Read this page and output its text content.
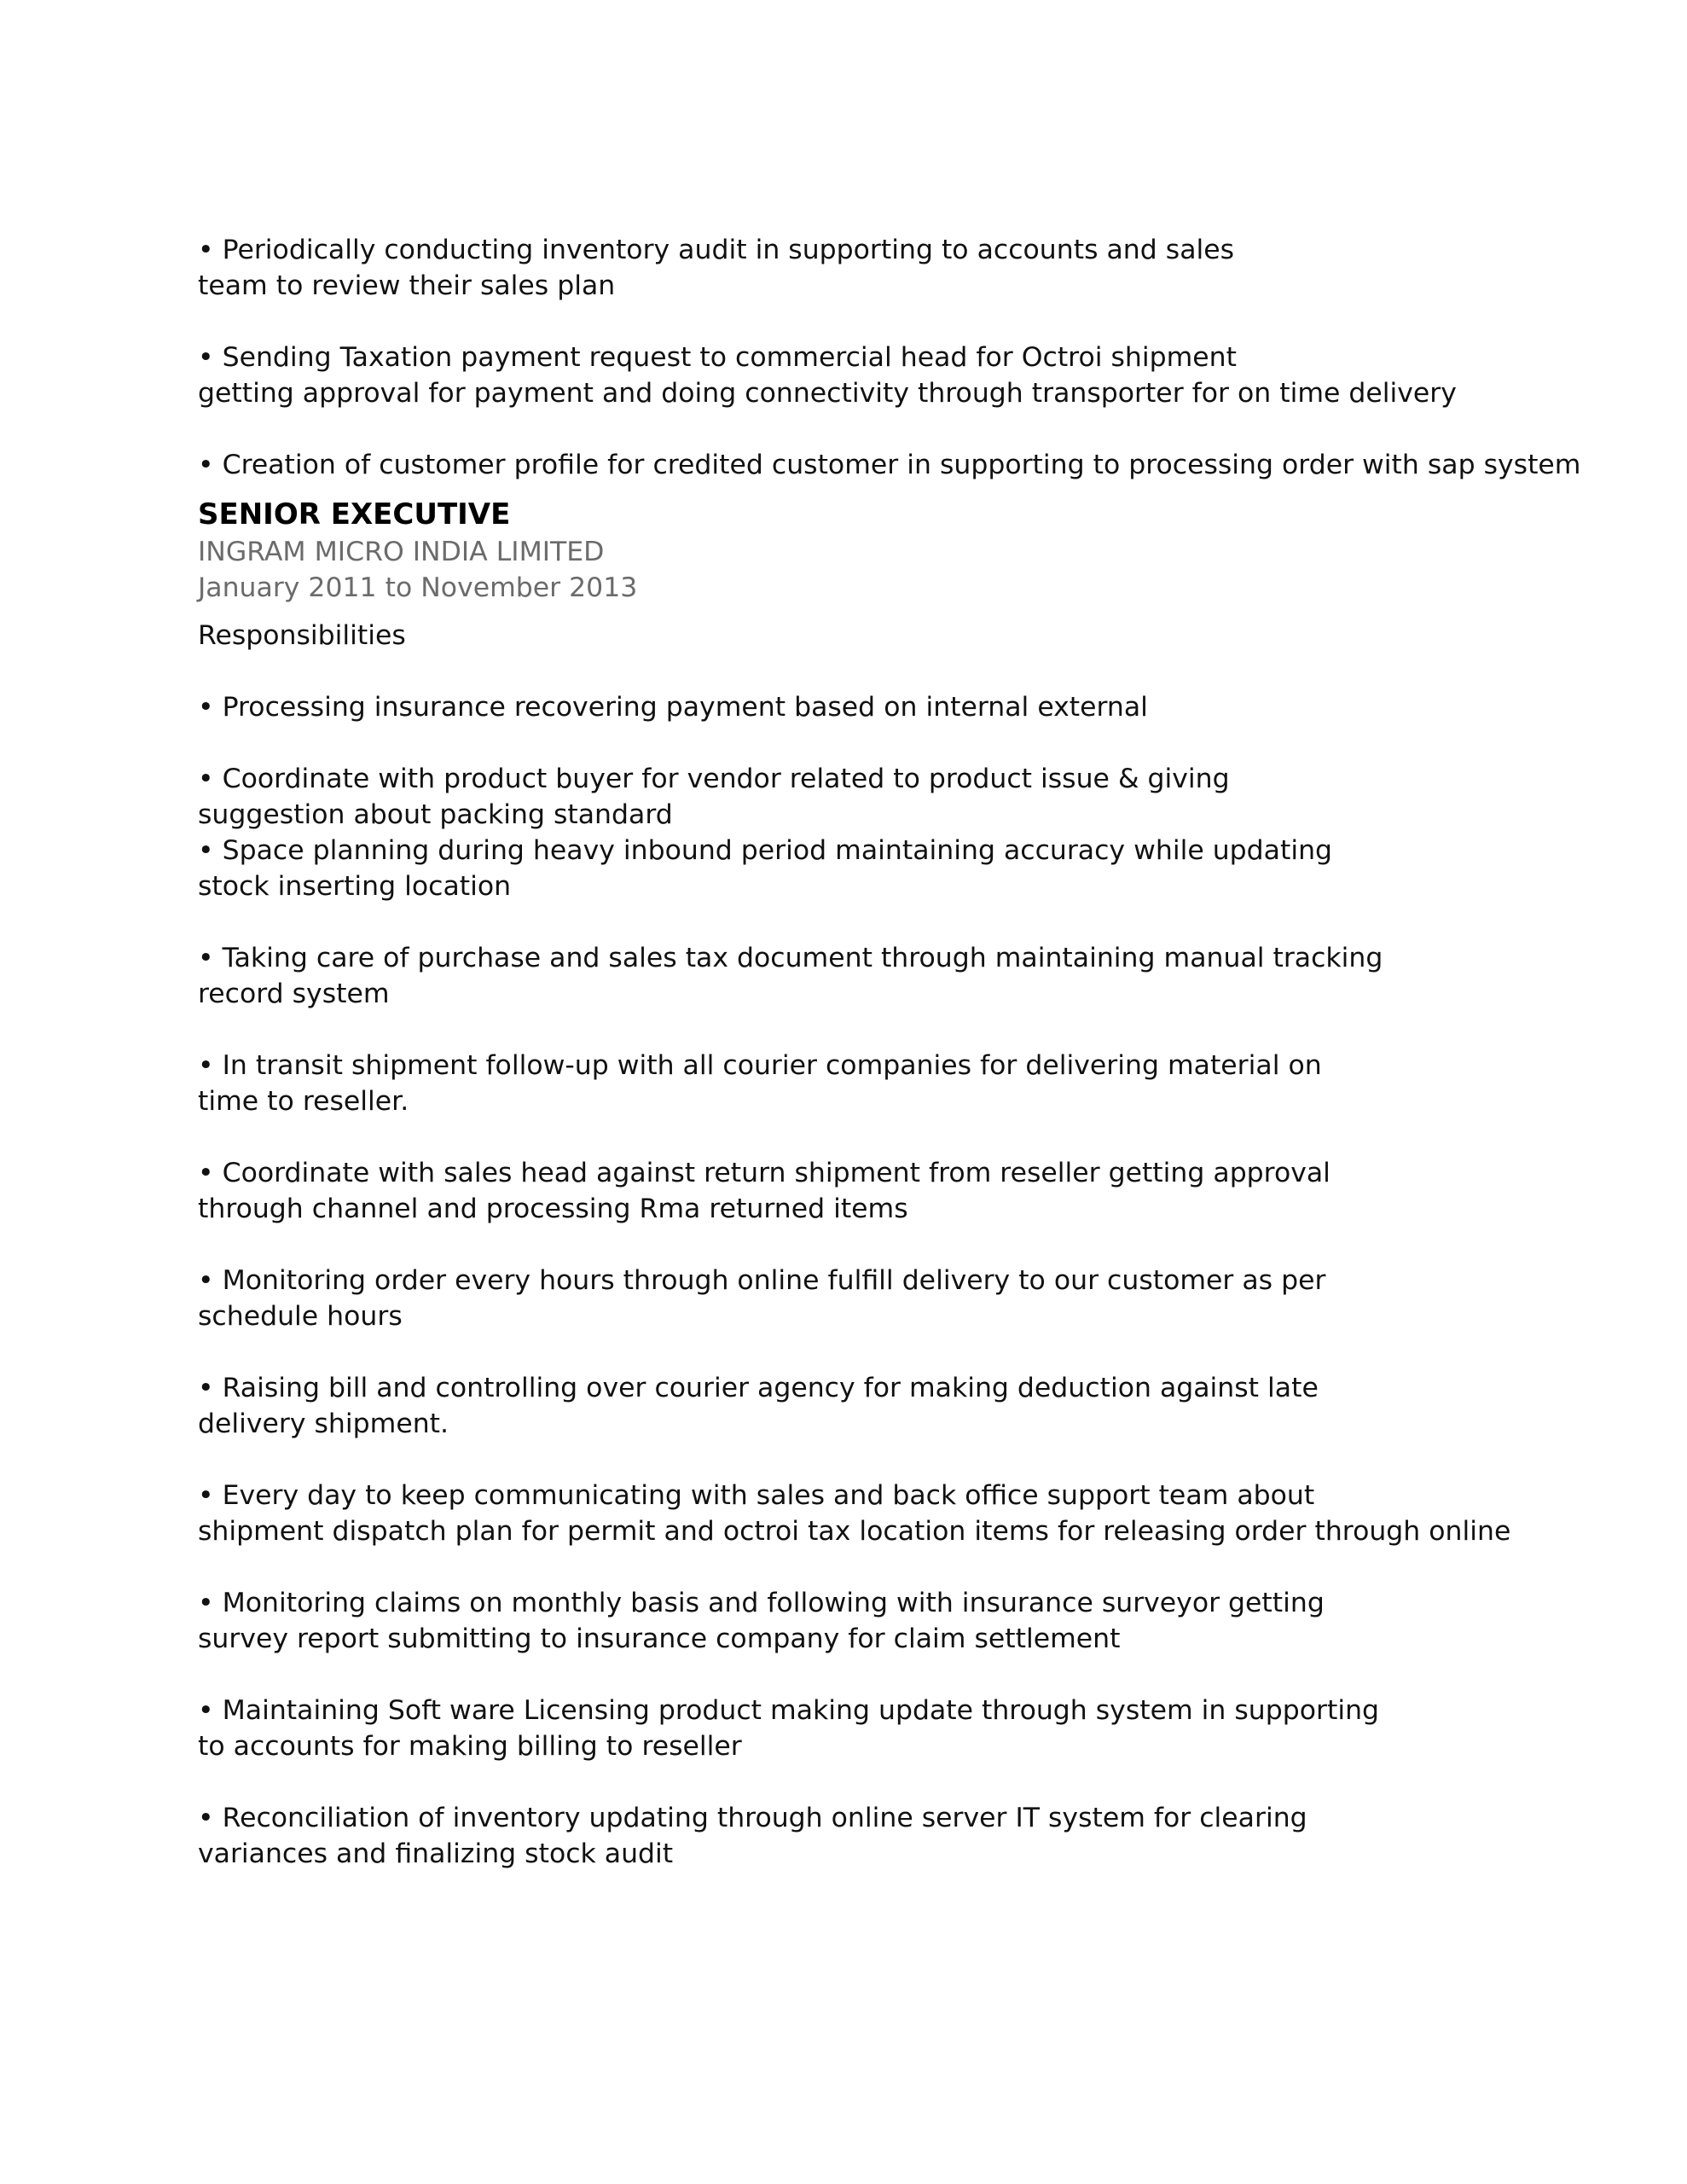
• Periodically conducting inventory audit in supporting to accounts and sales

team to review their sales plan

• Sending Taxation payment request to commercial head for Octroi shipment

getting approval for payment and doing connectivity through transporter for on time delivery

• Creation of customer profile for credited customer in supporting to processing order with sap system

SENIOR EXECUTIVE

INGRAM MICRO INDIA LIMITED

January 2011 to November 2013

Responsibilities

• Processing insurance recovering payment based on internal external

• Coordinate with product buyer for vendor related to product issue & giving

suggestion about packing standard

• Space planning during heavy inbound period maintaining accuracy while updating

stock inserting location

• Taking care of purchase and sales tax document through maintaining manual tracking

record system

• In transit shipment follow-up with all courier companies for delivering material on

time to reseller.

• Coordinate with sales head against return shipment from reseller getting approval

through channel and processing Rma returned items

• Monitoring order every hours through online fulfill delivery to our customer as per

schedule hours

• Raising bill and controlling over courier agency for making deduction against late

delivery shipment.

• Every day to keep communicating with sales and back office support team about

shipment dispatch plan for permit and octroi tax location items for releasing order through online

• Monitoring claims on monthly basis and following with insurance surveyor getting

survey report submitting to insurance company for claim settlement

• Maintaining Soft ware Licensing product making update through system in supporting

to accounts for making billing to reseller

• Reconciliation of inventory updating through online server IT system for clearing

variances and finalizing stock audit
